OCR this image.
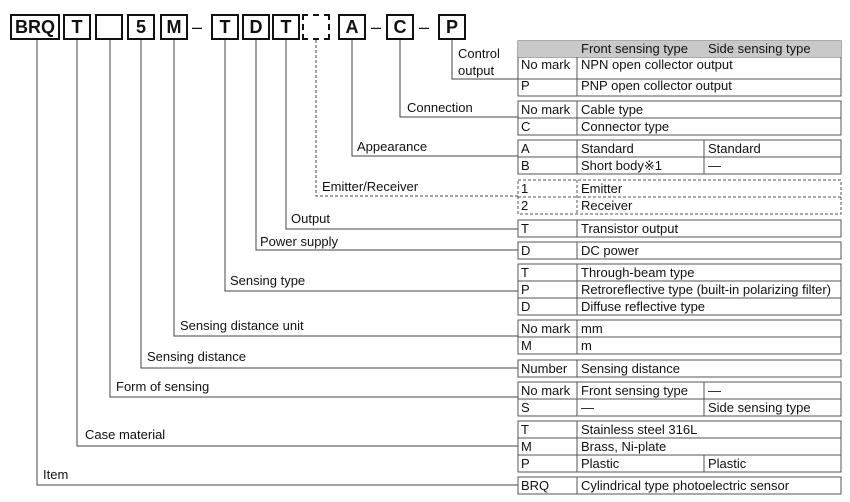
BRQ T	5	M – T	D	T	A – C – P
Control
output
Connection
Appearance
Emitter/Receiver
Output
Power supply
Sensing type
Sensing distance unit
Sensing distance
Form of sensing
Case material
Item
Front sensing type Side sensing type
No mark NPN open collector output
P	PNP open collector output
No mark Cable type
C	Connector type
A	Standard	Standard
B	Short body※1	—
1	Emitter
2	Receiver
T	Transistor output
D	DC power
T	Through-beam type
P	Retroreflective type (built-in polarizing filter)
D	Diffuse reflective type
No mark mm
M	m
Number Sensing distance
No mark Front sensing type —
S	—	Side sensing type
T	Stainless steel 316L
M	Brass, Ni-plate
P	Plastic	Plastic
BRQ Cylindrical type photoelectric sensor
